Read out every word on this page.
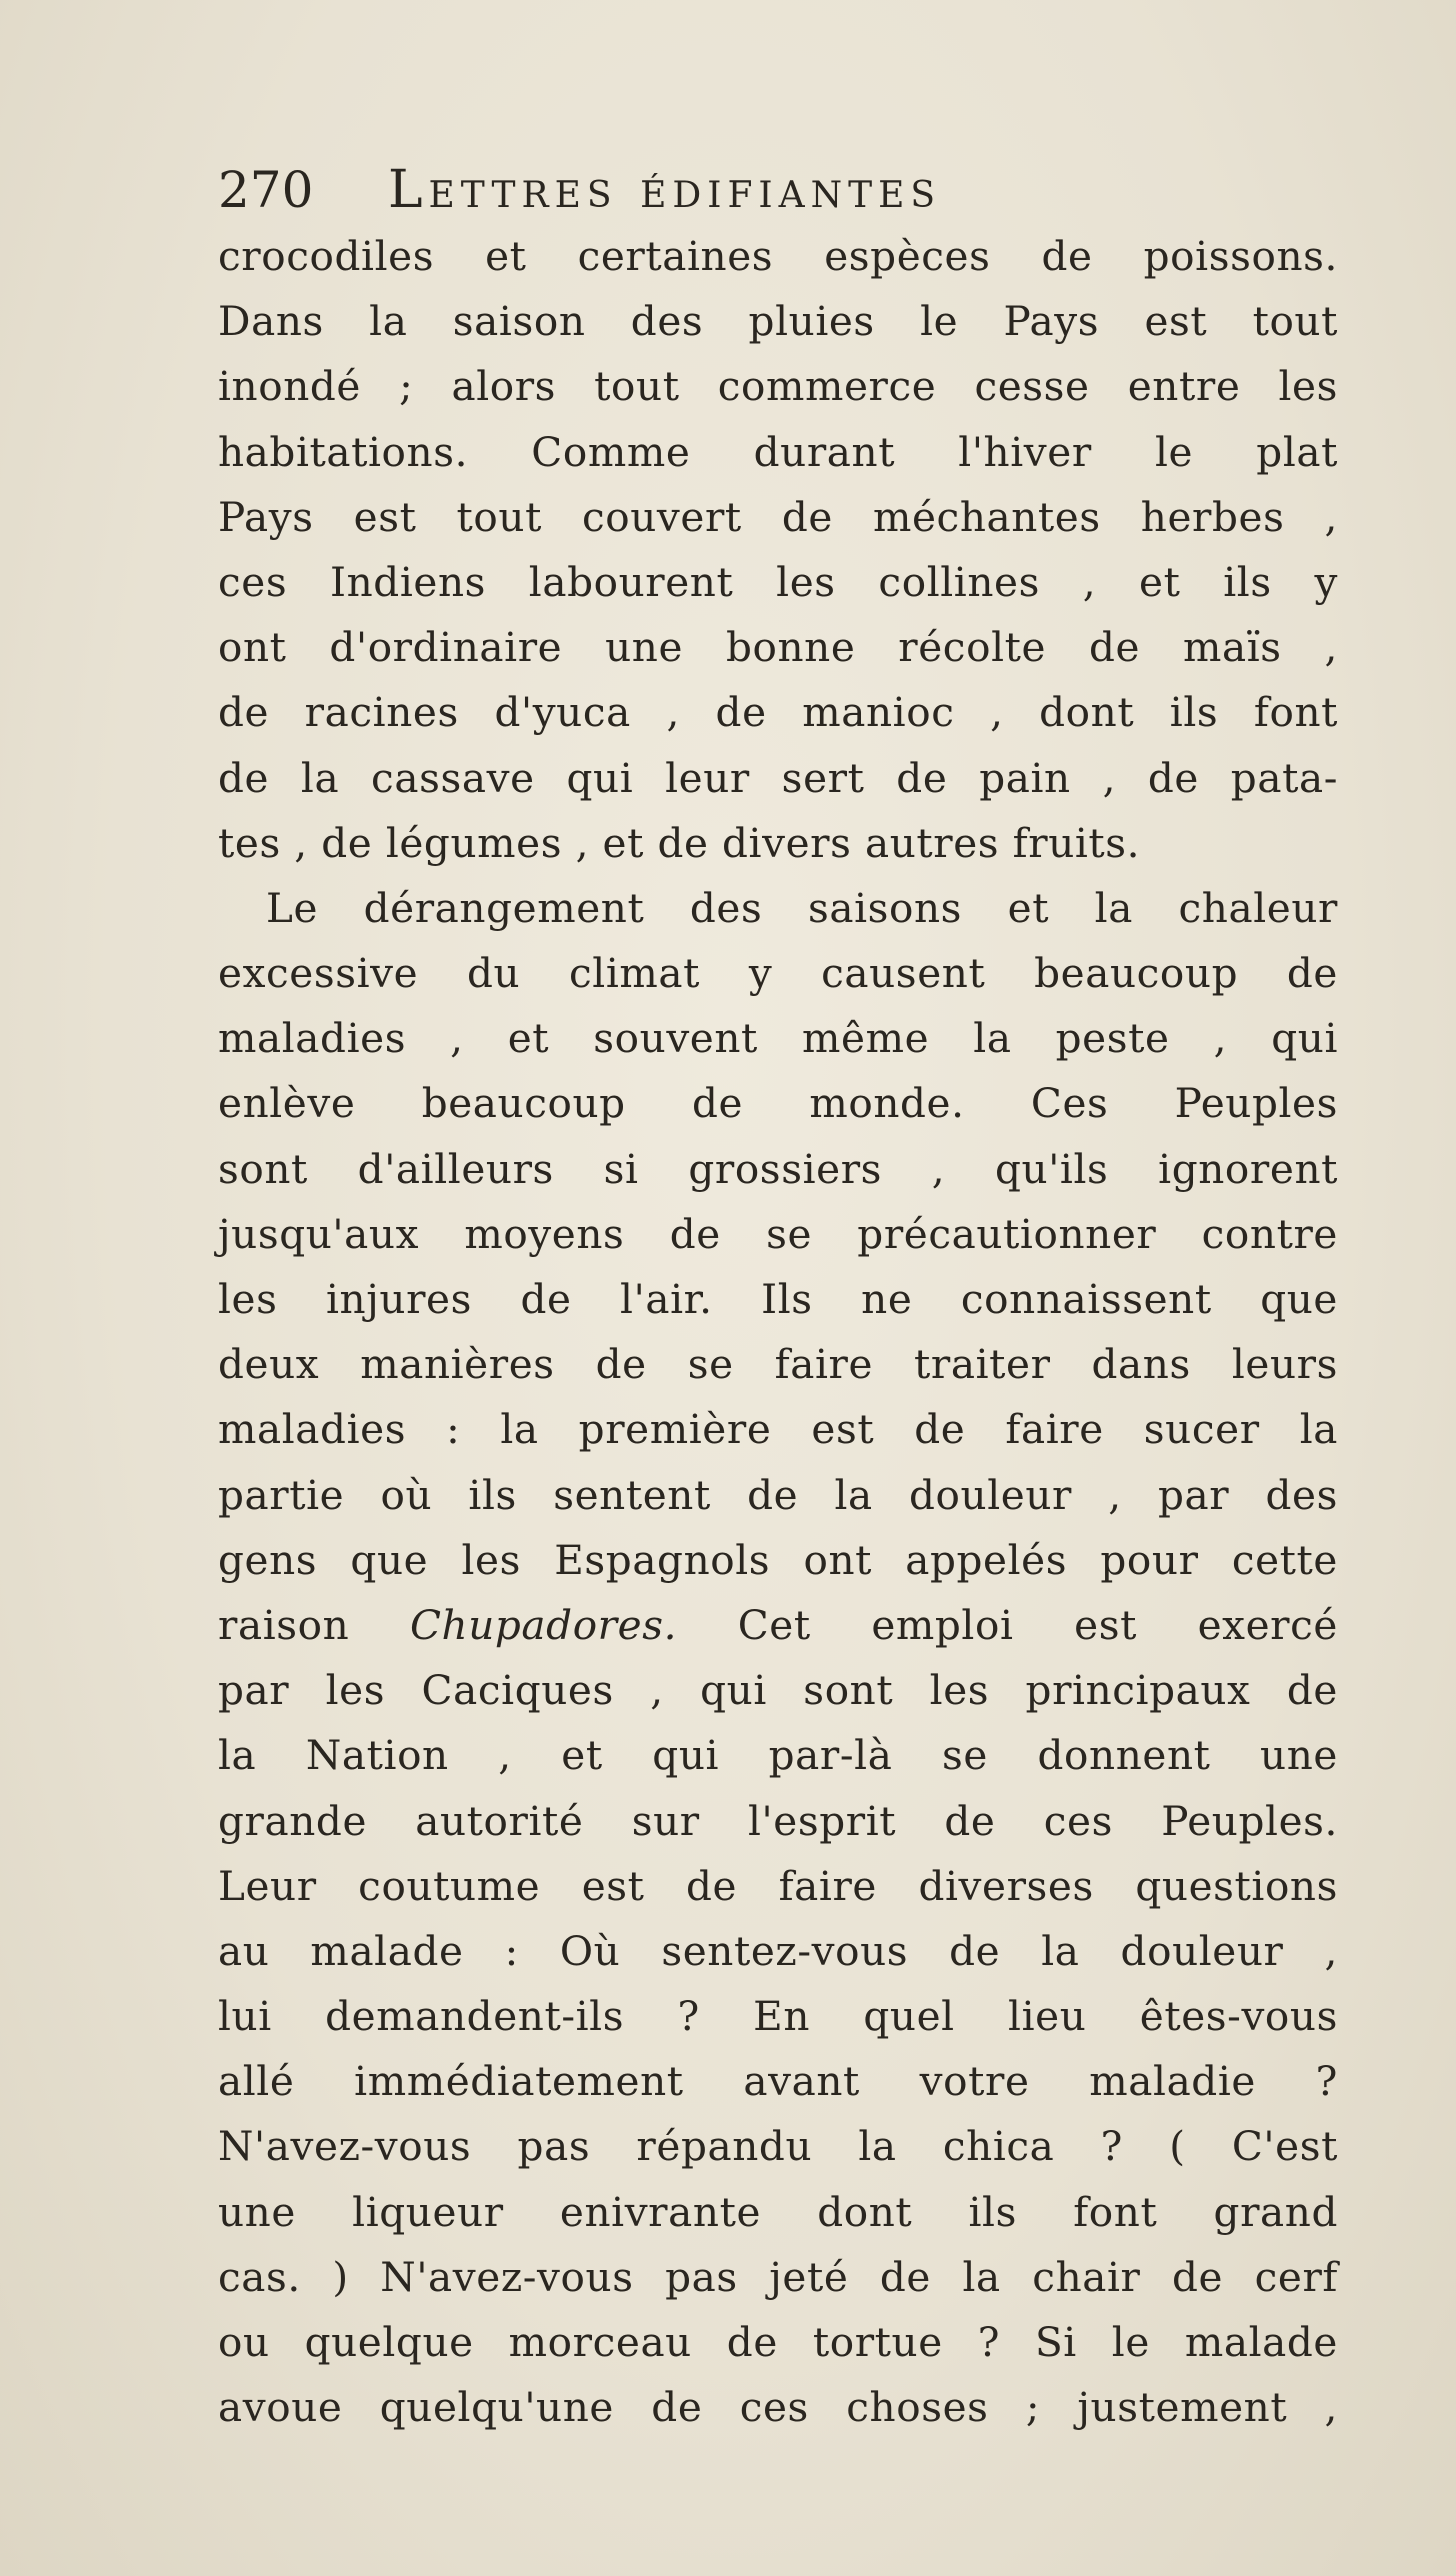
270	Lettres édifiantes
crocodiles et certaines espèces de poissons.
Dans la saison des pluies le Pays est tout
inondé ; alors tout commerce cesse entre les
habitations. Comme durant l'hiver le plat
Pays est tout couvert de méchantes herbes ,
ces Indiens labourent les collines , et ils y
ont d'ordinaire une bonne récolte de maïs ,
de racines d'yuca , de manioc , dont ils font
de la cassave qui leur sert de pain , de pata-
tes , de légumes , et de divers autres fruits.
Le dérangement des saisons et la chaleur
excessive du climat y causent beaucoup de
maladies , et souvent même la peste , qui
enlève beaucoup de monde. Ces Peuples
sont d'ailleurs si grossiers , qu'ils ignorent
jusqu'aux moyens de se précautionner contre
les injures de l'air. Ils ne connaissent que
deux manières de se faire traiter dans leurs
maladies : la première est de faire sucer la
partie où ils sentent de la douleur , par des
gens que les Espagnols ont appelés pour cette
raison Chupadores. Cet emploi est exercé
par les Caciques , qui sont les principaux de
la Nation , et qui par-là se donnent une
grande autorité sur l'esprit de ces Peuples.
Leur coutume est de faire diverses questions
au malade : Où sentez-vous de la douleur ,
lui demandent-ils ? En quel lieu êtes-vous
allé immédiatement avant votre maladie ?
N'avez-vous pas répandu la chica ? ( C'est
une liqueur enivrante dont ils font grand
cas. ) N'avez-vous pas jeté de la chair de cerf
ou quelque morceau de tortue ? Si le malade
avoue quelqu'une de ces choses ; justement ,
